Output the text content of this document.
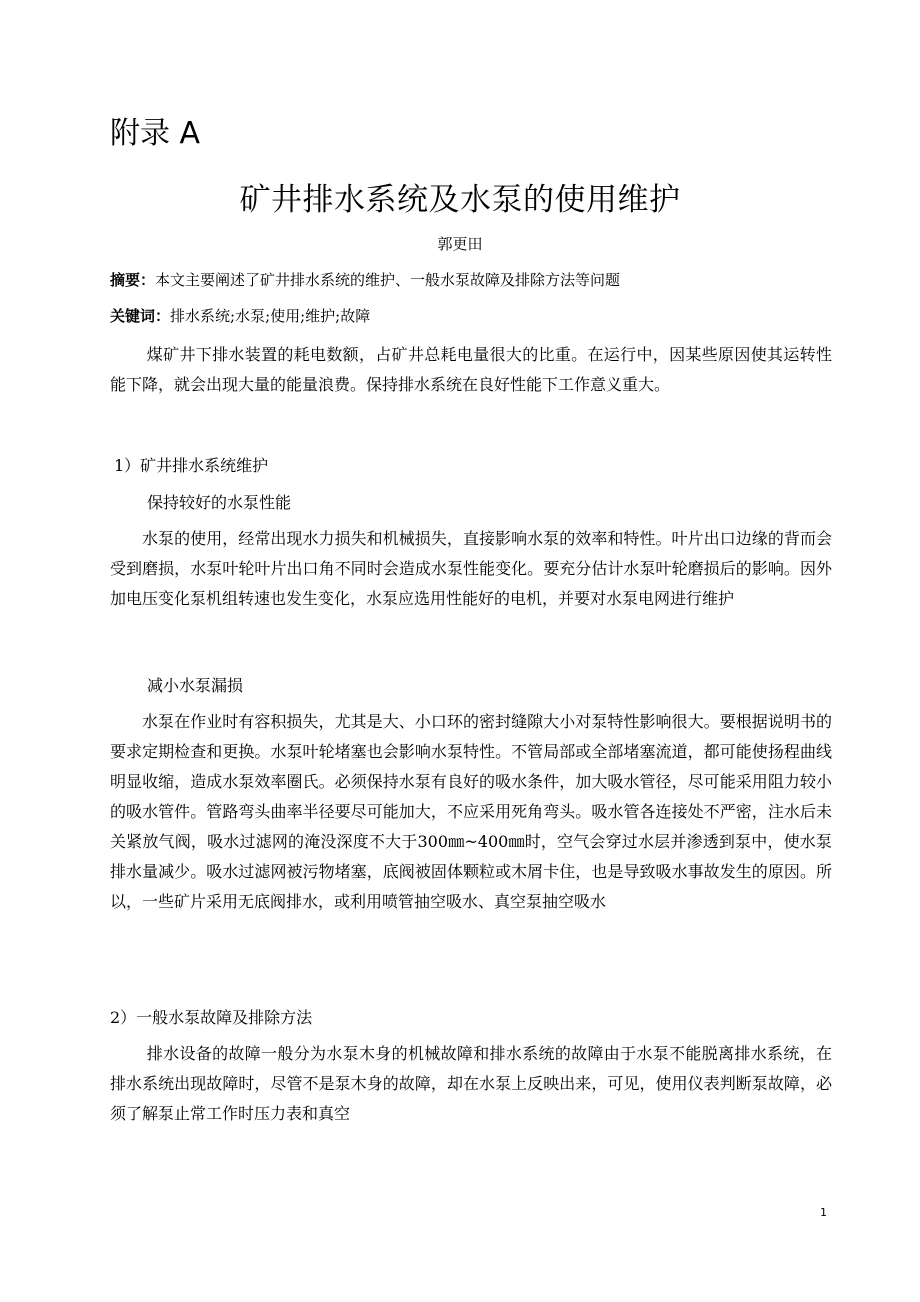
附录 A
矿井排水系统及水泵的使用维护
郭更田
摘要：本文主要阐述了矿井排水系统的维护、一般水泵故障及排除方法等问题
关键词：排水系统;水泵;使用;维护;故障

煤矿井下排水装置的耗电数额，占矿井总耗电量很大的比重。在运行中，因某些原因使其运转性能下降，就会出现大量的能量浪费。保持排水系统在良好性能下工作意义重大。

1）矿井排水系统维护
保持较好的水泵性能

水泵的使用，经常出现水力损失和机械损失，直接影响水泵的效率和特性。叶片出口边缘的背而会受到磨损，水泵叶轮叶片出口角不同时会造成水泵性能变化。要充分估计水泵叶轮磨损后的影响。因外加电压变化泵机组转速也发生变化，水泵应选用性能好的电机，并要对水泵电网进行维护

减小水泵漏损

水泵在作业时有容积损失，尤其是大、小口环的密封缝隙大小对泵特性影响很大。要根据说明书的要求定期检查和更换。水泵叶轮堵塞也会影响水泵特性。不管局部或全部堵塞流道，都可能使扬程曲线明显收缩，造成水泵效率圈氏。必须保持水泵有良好的吸水条件，加大吸水管径，尽可能采用阻力较小的吸水管件。管路弯头曲率半径要尽可能加大，不应采用死角弯头。吸水管各连接处不严密，注水后未关紧放气阀，吸水过滤网的淹没深度不大于300㎜~400㎜时，空气会穿过水层并渗透到泵中，使水泵排水量减少。吸水过滤网被污物堵塞，底阀被固体颗粒或木屑卡住，也是导致吸水事故发生的原因。所以，一些矿片采用无底阀排水，或利用喷管抽空吸水、真空泵抽空吸水

2）一般水泵故障及排除方法

排水设备的故障一般分为水泵木身的机械故障和排水系统的故障由于水泵不能脱离排水系统，在排水系统出现故障时，尽管不是泵木身的故障，却在水泵上反映出来，可见，使用仪表判断泵故障，必须了解泵止常工作时压力表和真空

1
